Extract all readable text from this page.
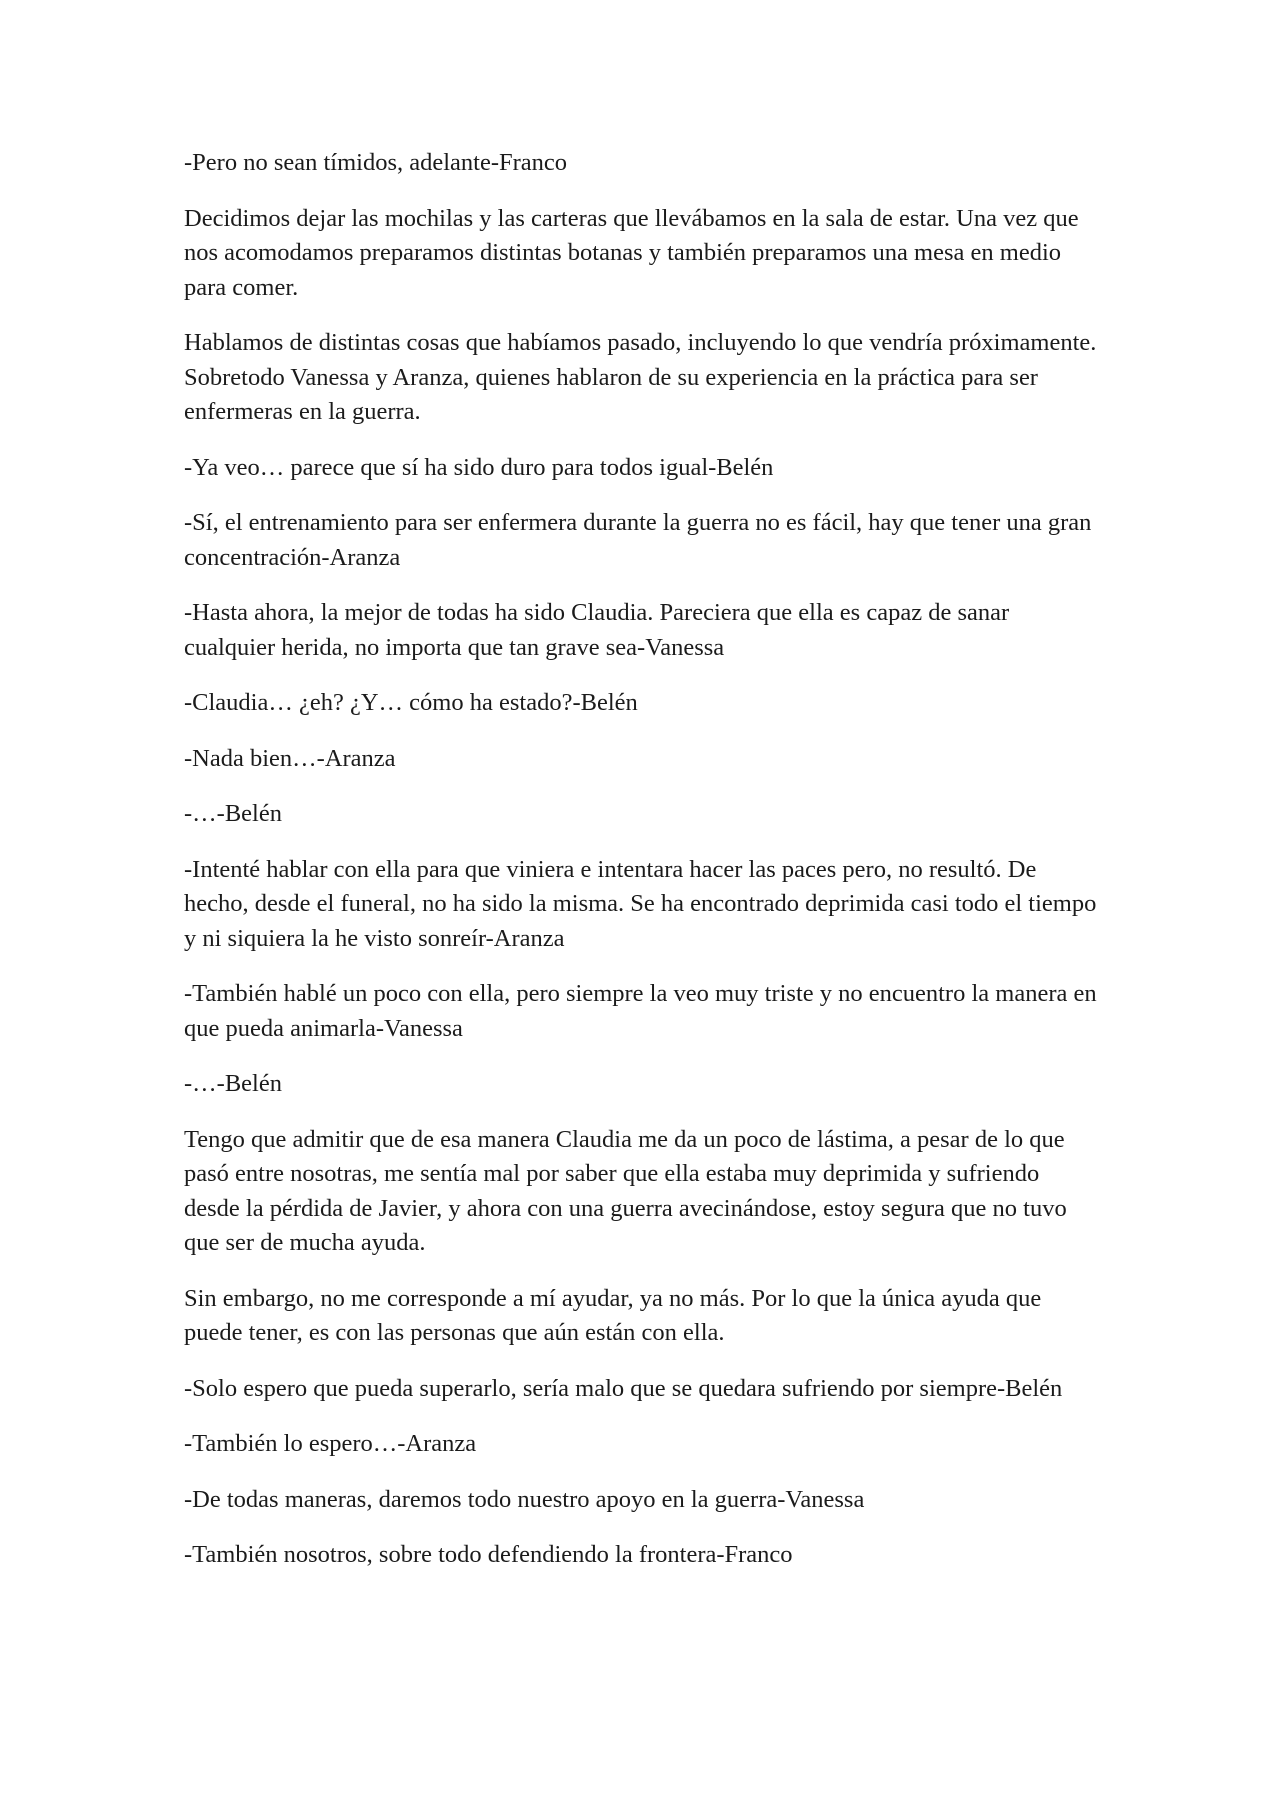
-Pero no sean tímidos, adelante-Franco

Decidimos dejar las mochilas y las carteras que llevábamos en la sala de estar. Una vez que nos acomodamos preparamos distintas botanas y también preparamos una mesa en medio para comer.

Hablamos de distintas cosas que habíamos pasado, incluyendo lo que vendría próximamente. Sobretodo Vanessa y Aranza, quienes hablaron de su experiencia en la práctica para ser enfermeras en la guerra.

-Ya veo… parece que sí ha sido duro para todos igual-Belén

-Sí, el entrenamiento para ser enfermera durante la guerra no es fácil, hay que tener una gran concentración-Aranza

-Hasta ahora, la mejor de todas ha sido Claudia. Pareciera que ella es capaz de sanar cualquier herida, no importa que tan grave sea-Vanessa

-Claudia… ¿eh? ¿Y… cómo ha estado?-Belén

-Nada bien…-Aranza

-…-Belén

-Intenté hablar con ella para que viniera e intentara hacer las paces pero, no resultó. De hecho, desde el funeral, no ha sido la misma. Se ha encontrado deprimida casi todo el tiempo y ni siquiera la he visto sonreír-Aranza

-También hablé un poco con ella, pero siempre la veo muy triste y no encuentro la manera en que pueda animarla-Vanessa

-…-Belén

Tengo que admitir que de esa manera Claudia me da un poco de lástima, a pesar de lo que pasó entre nosotras, me sentía mal por saber que ella estaba muy deprimida y sufriendo desde la pérdida de Javier, y ahora con una guerra avecinándose, estoy segura que no tuvo que ser de mucha ayuda.

Sin embargo, no me corresponde a mí ayudar, ya no más. Por lo que la única ayuda que puede tener, es con las personas que aún están con ella.

-Solo espero que pueda superarlo, sería malo que se quedara sufriendo por siempre-Belén

-También lo espero…-Aranza

-De todas maneras, daremos todo nuestro apoyo en la guerra-Vanessa

-También nosotros, sobre todo defendiendo la frontera-Franco
